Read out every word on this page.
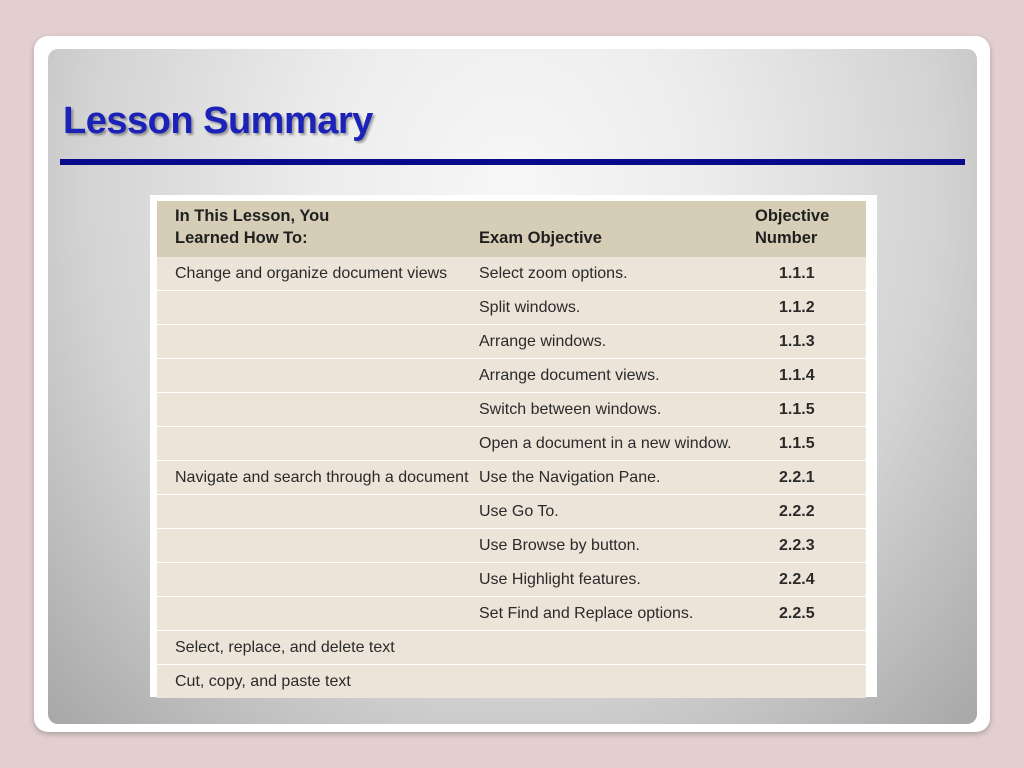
Lesson Summary
In This Lesson, You
Learned How To:	Exam Objective	Objective
Number

Change and organize document views	Select zoom options.	1.1.1

	Split windows.	1.1.2

	Arrange windows.	1.1.3

	Arrange document views.	1.1.4

	Switch between windows.	1.1.5

	Open a document in a new window.	1.1.5

Navigate and search through a document	Use the Navigation Pane.	2.2.1

	Use Go To.	2.2.2

	Use Browse by button.	2.2.3

	Use Highlight features.	2.2.4

	Set Find and Replace options.	2.2.5

Select, replace, and delete text		

Cut, copy, and paste text		
